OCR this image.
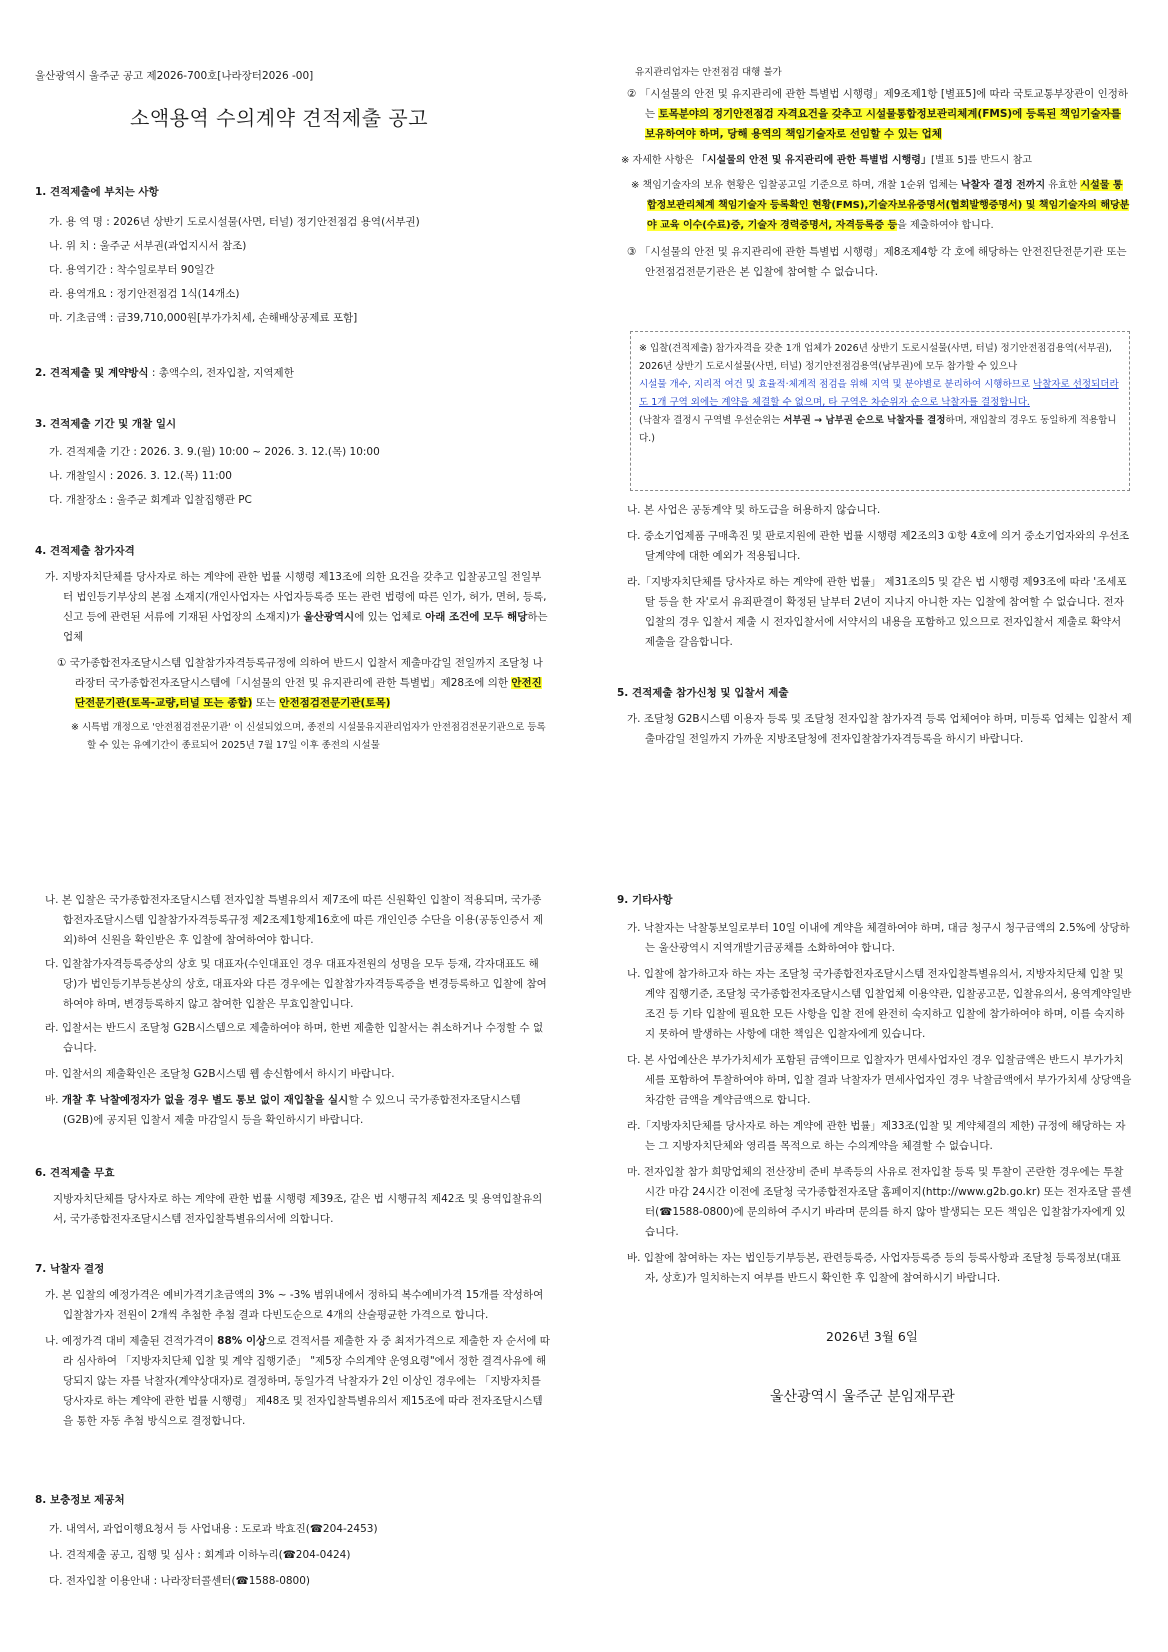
울산광역시 울주군 공고 제2026-700호[나라장터2026 -00]
소액용역 수의계약 견적제출 공고

1. 견적제출에 부치는 사항

가. 용 역 명 : 2026년 상반기 도로시설물(사면, 터널) 정기안전점검 용역(서부권)

나. 위 치 : 울주군 서부권(과업지시서 참조)

다. 용역기간 : 착수일로부터 90일간

라. 용역개요 : 정기안전점검 1식(14개소)

마. 기초금액 : 금39,710,000원[부가가치세, 손해배상공제료 포함]

2. 견적제출 및 계약방식 : 총액수의, 전자입찰, 지역제한

3. 견적제출 기간 및 개찰 일시

가. 견적제출 기간 : 2026. 3. 9.(월) 10:00 ~ 2026. 3. 12.(목) 10:00

나. 개찰일시 : 2026. 3. 12.(목) 11:00

다. 개찰장소 : 울주군 회계과 입찰집행관 PC

4. 견적제출 참가자격

가. 지방자치단체를 당사자로 하는 계약에 관한 법률 시행령 제13조에 의한 요건을 갖추고 입찰공고일 전일부터 법인등기부상의 본점 소재지(개인사업자는 사업자등록증 또는 관련 법령에 따른 인가, 허가, 면허, 등록, 신고 등에 관련된 서류에 기재된 사업장의 소재지)가 울산광역시에 있는 업체로 아래 조건에 모두 해당하는 업체

① 국가종합전자조달시스템 입찰참가자격등록규정에 의하여 반드시 입찰서 제출마감일 전일까지 조달청 나라장터 국가종합전자조달시스템에「시설물의 안전 및 유지관리에 관한 특별법」제28조에 의한 안전진단전문기관(토목-교량,터널 또는 종합) 또는 안전점검전문기관(토목)

※ 시특법 개정으로 '안전점검전문기관' 이 신설되었으며, 종전의 시설물유지관리업자가 안전점검전문기관으로 등록할 수 있는 유예기간이 종료되어 2025년 7월 17일 이후 종전의 시설물

유지관리업자는 안전점검 대행 불가

② 「시설물의 안전 및 유지관리에 관한 특별법 시행령」제9조제1항 [별표5]에 따라 국토교통부장관이 인정하는 토목분야의 정기안전점검 자격요건을 갖추고 시설물통합정보관리체계(FMS)에 등록된 책임기술자를 보유하여야 하며, 당해 용역의 책임기술자로 선임할 수 있는 업체

※ 자세한 사항은 「시설물의 안전 및 유지관리에 관한 특별법 시행령」[별표 5]를 반드시 참고

※ 책임기술자의 보유 현황은 입찰공고일 기준으로 하며, 개찰 1순위 업체는 낙찰자 결정 전까지 유효한 시설물 통합정보관리체계 책임기술자 등록확인 현황(FMS),기술자보유증명서(협회발행증명서) 및 책임기술자의 해당분야 교육 이수(수료)증, 기술자 경력증명서, 자격등록증 등을 제출하여야 합니다.

③ 「시설물의 안전 및 유지관리에 관한 특별법 시행령」제8조제4항 각 호에 해당하는 안전진단전문기관 또는 안전점검전문기관은 본 입찰에 참여할 수 없습니다.

※ 입찰(견적제출) 참가자격을 갖춘 1개 업체가 2026년 상반기 도로시설물(사면, 터널) 정기안전점검용역(서부권), 2026년 상반기 도로시설물(사면, 터널) 정기안전점검용역(남부권)에 모두 참가할 수 있으나

시설물 개수, 지리적 여건 및 효율적·체계적 점검을 위해 지역 및 분야별로 분리하여 시행하므로 낙찰자로 선정되더라도 1개 구역 외에는 계약을 체결할 수 없으며, 타 구역은 차순위자 순으로 낙찰자를 결정합니다.

(낙찰자 결정시 구역별 우선순위는 서부권 → 남부권 순으로 낙찰자를 결정하며, 재입찰의 경우도 동일하게 적용합니다.)

나. 본 사업은 공동계약 및 하도급을 허용하지 않습니다.

다. 중소기업제품 구매촉진 및 판로지원에 관한 법률 시행령 제2조의3 ①항 4호에 의거 중소기업자와의 우선조달계약에 대한 예외가 적용됩니다.

라.「지방자치단체를 당사자로 하는 계약에 관한 법률」 제31조의5 및 같은 법 시행령 제93조에 따라 '조세포탈 등을 한 자'로서 유죄판결이 확정된 날부터 2년이 지나지 아니한 자는 입찰에 참여할 수 없습니다. 전자입찰의 경우 입찰서 제출 시 전자입찰서에 서약서의 내용을 포함하고 있으므로 전자입찰서 제출로 확약서 제출을 갈음합니다.

5. 견적제출 참가신청 및 입찰서 제출

가. 조달청 G2B시스템 이용자 등록 및 조달청 전자입찰 참가자격 등록 업체여야 하며, 미등록 업체는 입찰서 제출마감일 전일까지 가까운 지방조달청에 전자입찰참가자격등록을 하시기 바랍니다.

나. 본 입찰은 국가종합전자조달시스템 전자입찰 특별유의서 제7조에 따른 신원확인 입찰이 적용되며, 국가종합전자조달시스템 입찰참가자격등록규정 제2조제1항제16호에 따른 개인인증 수단을 이용(공동인증서 제외)하여 신원을 확인받은 후 입찰에 참여하여야 합니다.

다. 입찰참가자격등록증상의 상호 및 대표자(수인대표인 경우 대표자전원의 성명을 모두 등재, 각자대표도 해당)가 법인등기부등본상의 상호, 대표자와 다른 경우에는 입찰참가자격등록증을 변경등록하고 입찰에 참여하여야 하며, 변경등록하지 않고 참여한 입찰은 무효입찰입니다.

라. 입찰서는 반드시 조달청 G2B시스템으로 제출하여야 하며, 한번 제출한 입찰서는 취소하거나 수정할 수 없습니다.

마. 입찰서의 제출확인은 조달청 G2B시스템 웹 송신함에서 하시기 바랍니다.

바. 개찰 후 낙찰예정자가 없을 경우 별도 통보 없이 재입찰을 실시할 수 있으니 국가종합전자조달시스템(G2B)에 공지된 입찰서 제출 마감일시 등을 확인하시기 바랍니다.

6. 견적제출 무효

지방자치단체를 당사자로 하는 계약에 관한 법률 시행령 제39조, 같은 법 시행규칙 제42조 및 용역입찰유의서, 국가종합전자조달시스템 전자입찰특별유의서에 의합니다.

7. 낙찰자 결정

가. 본 입찰의 예정가격은 예비가격기초금액의 3% ~ -3% 범위내에서 정하되 복수예비가격 15개를 작성하여 입찰참가자 전원이 2개씩 추첨한 추첨 결과 다빈도순으로 4개의 산술평균한 가격으로 합니다.

나. 예정가격 대비 제출된 견적가격이 88% 이상으로 견적서를 제출한 자 중 최저가격으로 제출한 자 순서에 따라 심사하여 「지방자치단체 입찰 및 계약 집행기준」 "제5장 수의계약 운영요령"에서 정한 결격사유에 해당되지 않는 자를 낙찰자(계약상대자)로 결정하며, 동일가격 낙찰자가 2인 이상인 경우에는 「지방자치를 당사자로 하는 계약에 관한 법률 시행령」 제48조 및 전자입찰특별유의서 제15조에 따라 전자조달시스템을 통한 자동 추첨 방식으로 결정합니다.

8. 보충정보 제공처

가. 내역서, 과업이행요청서 등 사업내용 : 도로과 박효진(☎204-2453)

나. 견적제출 공고, 집행 및 심사 : 회계과 이하누리(☎204-0424)

다. 전자입찰 이용안내 : 나라장터콜센터(☎1588-0800)

9. 기타사항

가. 낙찰자는 낙찰통보일로부터 10일 이내에 계약을 체결하여야 하며, 대금 청구시 청구금액의 2.5%에 상당하는 울산광역시 지역개발기금공채를 소화하여야 합니다.

나. 입찰에 참가하고자 하는 자는 조달청 국가종합전자조달시스템 전자입찰특별유의서, 지방자치단체 입찰 및 계약 집행기준, 조달청 국가종합전자조달시스템 입찰업체 이용약관, 입찰공고문, 입찰유의서, 용역계약일반조건 등 기타 입찰에 필요한 모든 사항을 입찰 전에 완전히 숙지하고 입찰에 참가하여야 하며, 이를 숙지하지 못하여 발생하는 사항에 대한 책임은 입찰자에게 있습니다.

다. 본 사업예산은 부가가치세가 포함된 금액이므로 입찰자가 면세사업자인 경우 입찰금액은 반드시 부가가치세를 포함하여 투찰하여야 하며, 입찰 결과 낙찰자가 면세사업자인 경우 낙찰금액에서 부가가치세 상당액을 차감한 금액을 계약금액으로 합니다.

라.「지방자치단체를 당사자로 하는 계약에 관한 법률」제33조(입찰 및 계약체결의 제한) 규정에 해당하는 자는 그 지방자치단체와 영리를 목적으로 하는 수의계약을 체결할 수 없습니다.

마. 전자입찰 참가 희망업체의 전산장비 준비 부족등의 사유로 전자입찰 등록 및 투찰이 곤란한 경우에는 투찰시간 마감 24시간 이전에 조달청 국가종합전자조달 홈페이지(http://www.g2b.go.kr) 또는 전자조달 콜센터(☎1588-0800)에 문의하여 주시기 바라며 문의를 하지 않아 발생되는 모든 책임은 입찰참가자에게 있습니다.

바. 입찰에 참여하는 자는 법인등기부등본, 관련등록증, 사업자등록증 등의 등록사항과 조달청 등록정보(대표자, 상호)가 일치하는지 여부를 반드시 확인한 후 입찰에 참여하시기 바랍니다.

2026년 3월 6일
울산광역시 울주군 분임재무관
